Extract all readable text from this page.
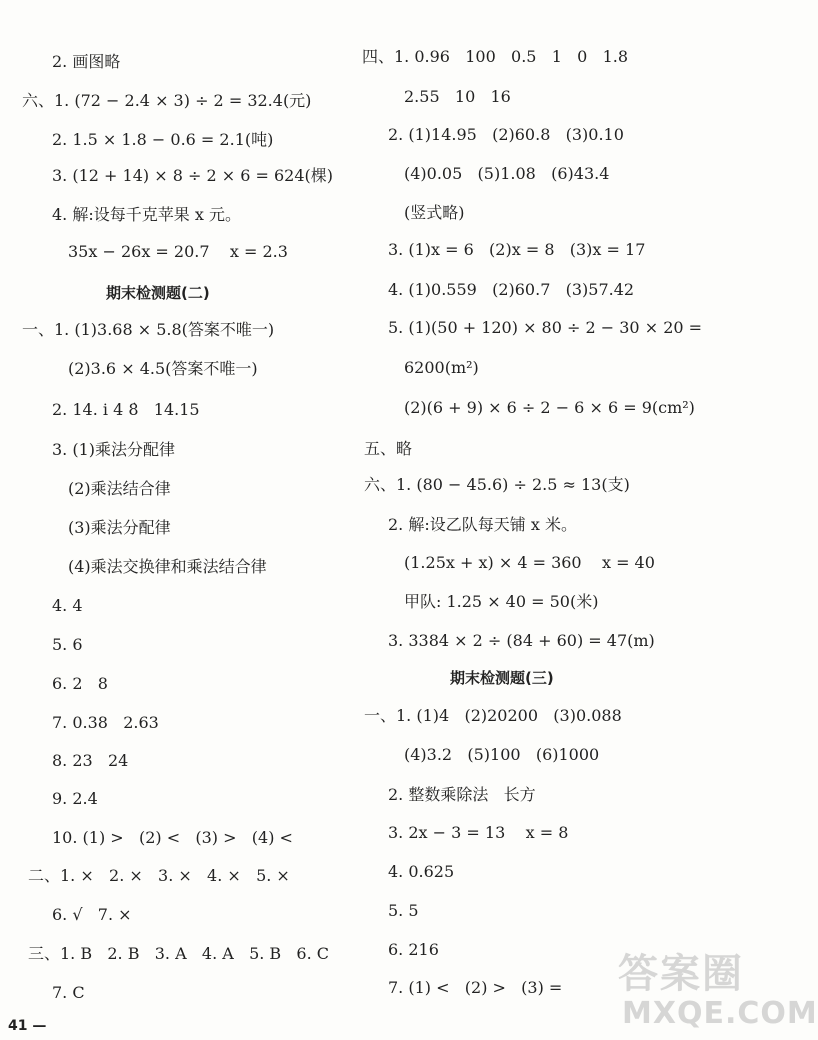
2. 画图略
六、1. (72 − 2.4 × 3) ÷ 2 = 32.4(元)
2. 1.5 × 1.8 − 0.6 = 2.1(吨)
3. (12 + 14) × 8 ÷ 2 × 6 = 624(棵)
4. 解:设每千克苹果 x 元。
35x − 26x = 20.7    x = 2.3
期末检测题(二)
一、1. (1)3.68 × 5.8(答案不唯一)
(2)3.6 × 4.5(答案不唯一)
2. 14. i 4 8̇   14.15
3. (1)乘法分配律
(2)乘法结合律
(3)乘法分配律
(4)乘法交换律和乘法结合律
4. 4
5. 6
6. 2   8
7. 0.38   2.63
8. 23   24
9. 2.4
10. (1) >   (2) <   (3) >   (4) <
二、1. ×   2. ×   3. ×   4. ×   5. ×
6. √   7. ×
三、1. B   2. B   3. A   4. A   5. B   6. C
7. C
四、1. 0.96   100   0.5   1   0   1.8
2.55   10   16
2. (1)14.95   (2)60.8   (3)0.10
(4)0.05   (5)1.08   (6)43.4
(竖式略)
3. (1)x = 6   (2)x = 8   (3)x = 17
4. (1)0.559   (2)60.7   (3)57.42
5. (1)(50 + 120) × 80 ÷ 2 − 30 × 20 =
6200(m²)
(2)(6 + 9) × 6 ÷ 2 − 6 × 6 = 9(cm²)
五、略
六、1. (80 − 45.6) ÷ 2.5 ≈ 13(支)
2. 解:设乙队每天铺 x 米。
(1.25x + x) × 4 = 360    x = 40
甲队: 1.25 × 40 = 50(米)
3. 3384 × 2 ÷ (84 + 60) = 47(m)
期末检测题(三)
一、1. (1)4   (2)20200   (3)0.088
(4)3.2   (5)100   (6)1000
2. 整数乘除法   长方
3. 2x − 3 = 13    x = 8
4. 0.625
5. 5
6. 216
7. (1) <   (2) >   (3) =
41 —
答案圈
MXQE.COM
